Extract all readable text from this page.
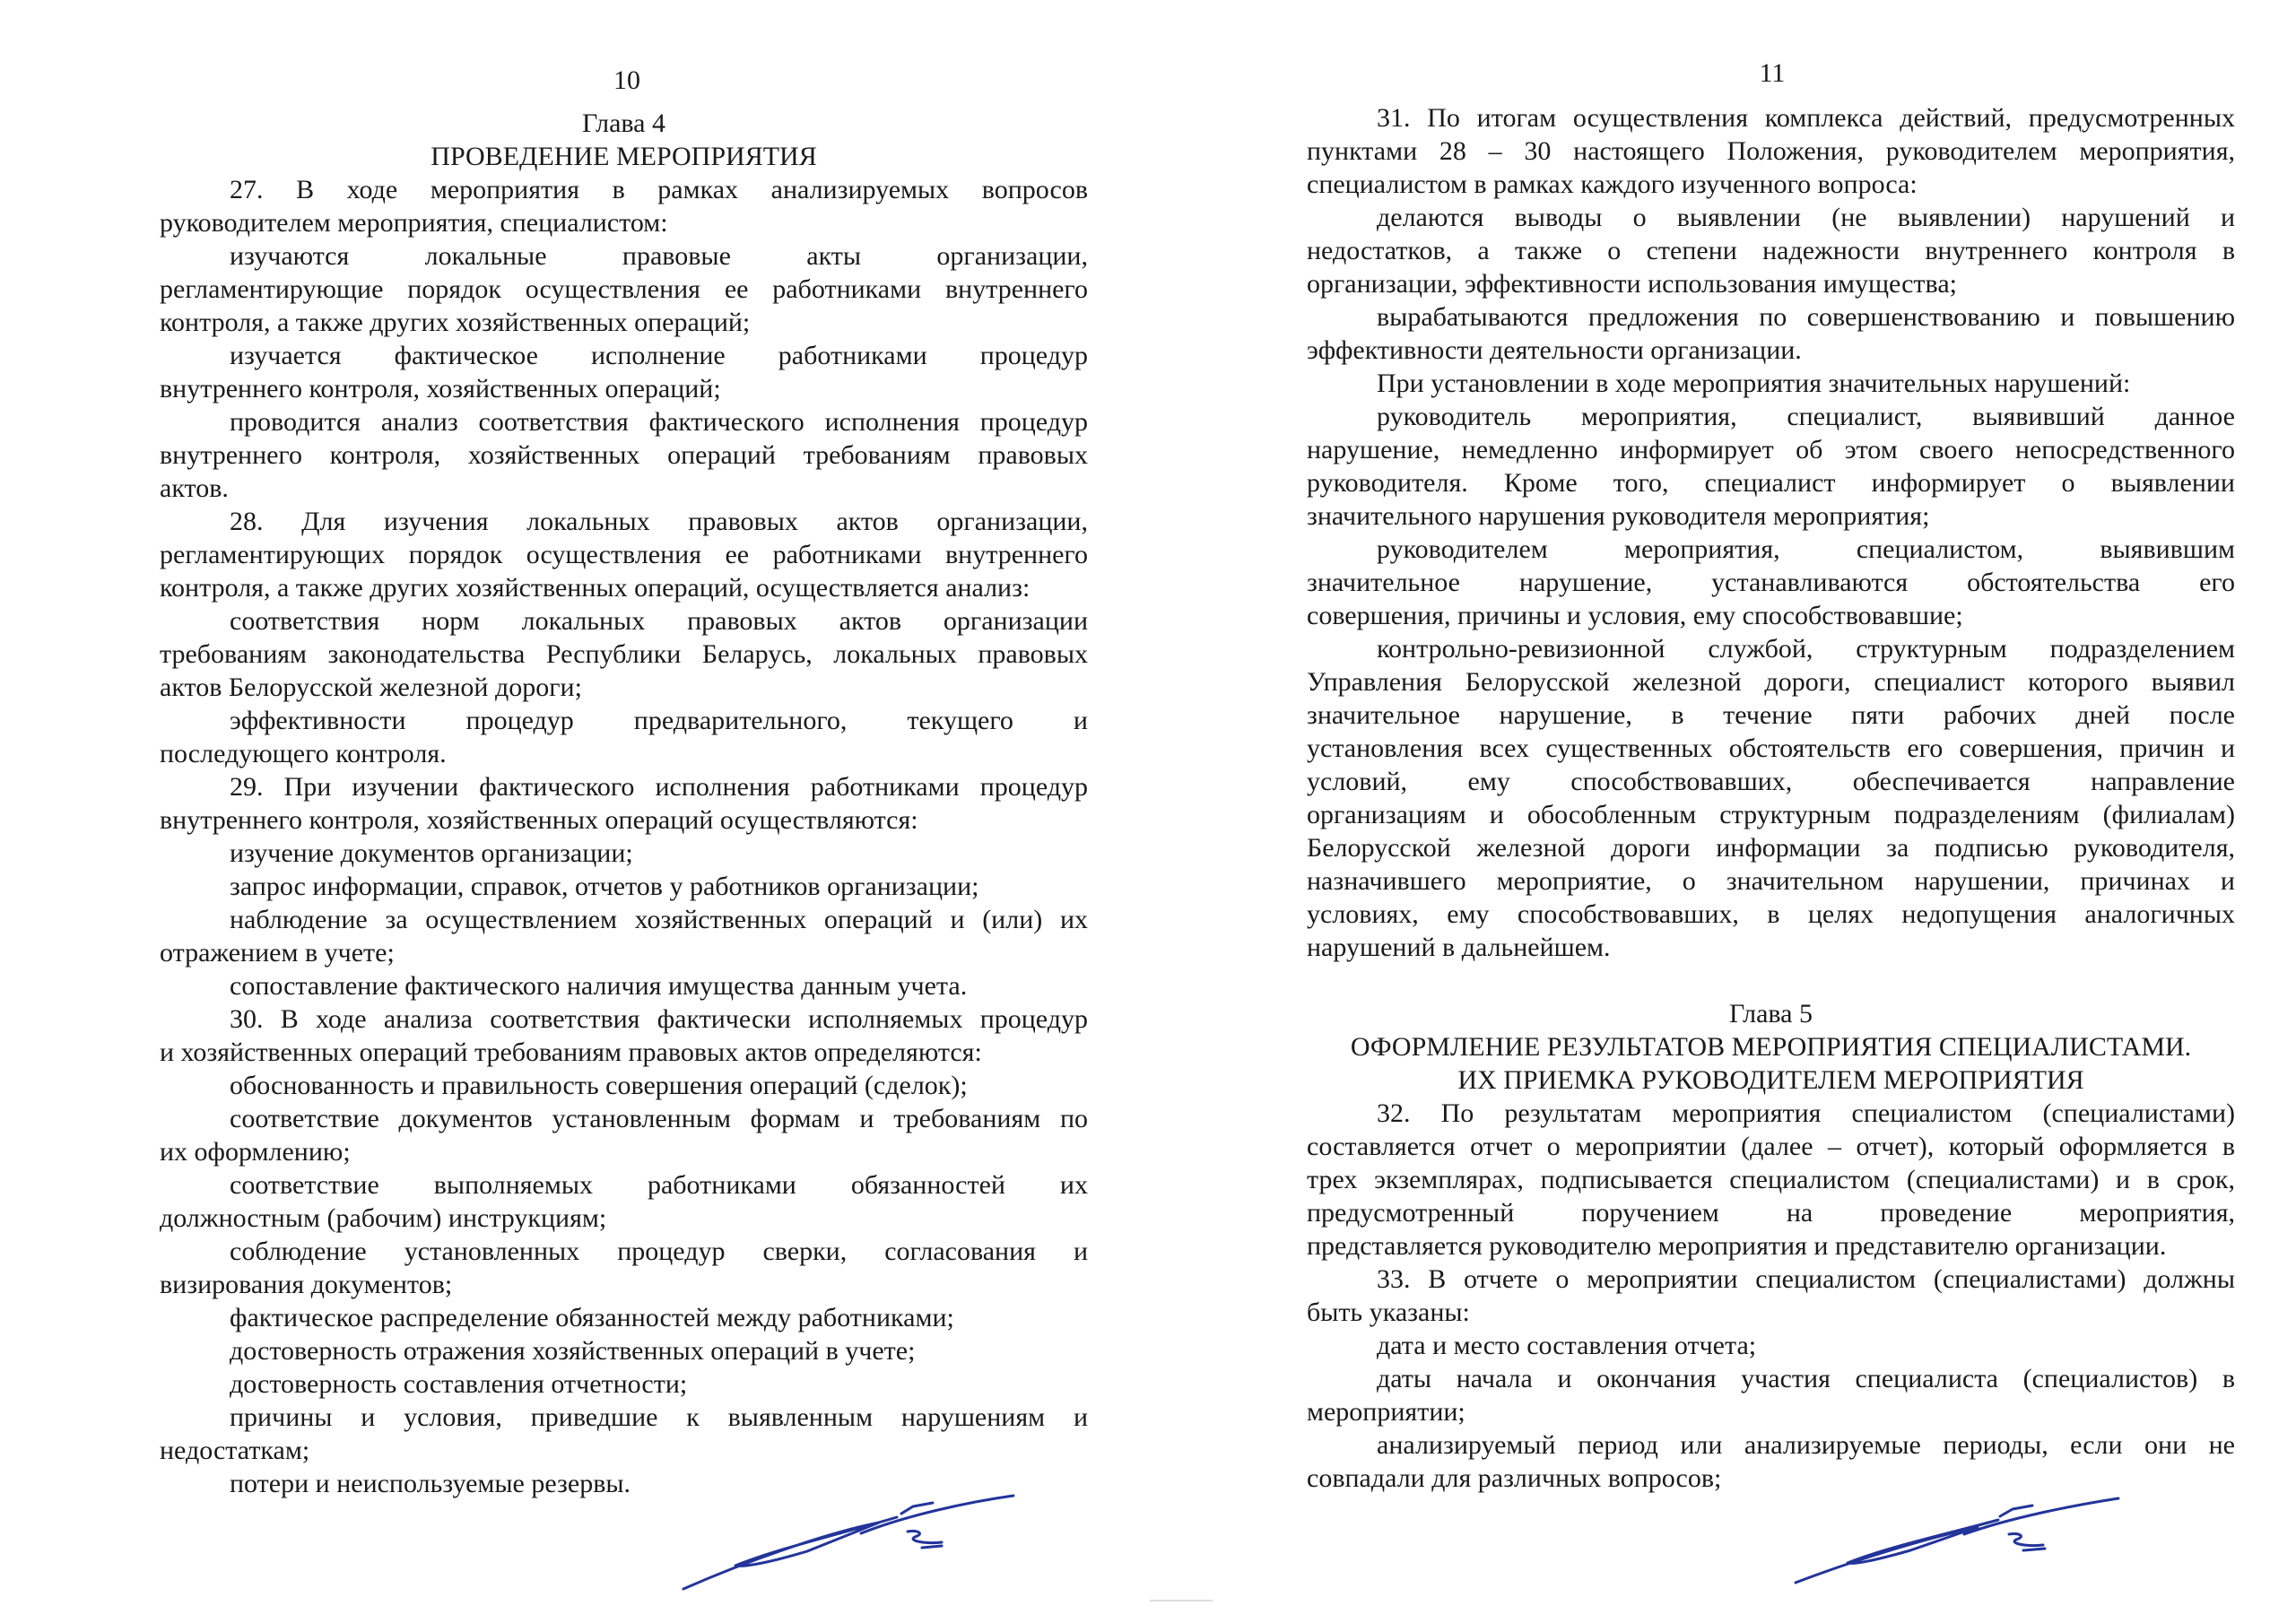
10
Глава 4
ПРОВЕДЕНИЕ МЕРОПРИЯТИЯ
27. В ходе мероприятия в рамках анализируемых вопросов
руководителем мероприятия, специалистом:
изучаются локальные правовые акты организации,
регламентирующие порядок осуществления ее работниками внутреннего
контроля, а также других хозяйственных операций;
изучается фактическое исполнение работниками процедур
внутреннего контроля, хозяйственных операций;
проводится анализ соответствия фактического исполнения процедур
внутреннего контроля, хозяйственных операций требованиям правовых
актов.
28. Для изучения локальных правовых актов организации,
регламентирующих порядок осуществления ее работниками внутреннего
контроля, а также других хозяйственных операций, осуществляется анализ:
соответствия норм локальных правовых актов организации
требованиям законодательства Республики Беларусь, локальных правовых
актов Белорусской железной дороги;
эффективности процедур предварительного, текущего и
последующего контроля.
29. При изучении фактического исполнения работниками процедур
внутреннего контроля, хозяйственных операций осуществляются:
изучение документов организации;
запрос информации, справок, отчетов у работников организации;
наблюдение за осуществлением хозяйственных операций и (или) их
отражением в учете;
сопоставление фактического наличия имущества данным учета.
30. В ходе анализа соответствия фактически исполняемых процедур
и хозяйственных операций требованиям правовых актов определяются:
обоснованность и правильность совершения операций (сделок);
соответствие документов установленным формам и требованиям по
их оформлению;
соответствие выполняемых работниками обязанностей их
должностным (рабочим) инструкциям;
соблюдение установленных процедур сверки, согласования и
визирования документов;
фактическое распределение обязанностей между работниками;
достоверность отражения хозяйственных операций в учете;
достоверность составления отчетности;
причины и условия, приведшие к выявленным нарушениям и
недостаткам;
потери и неиспользуемые резервы.
11
31. По итогам осуществления комплекса действий, предусмотренных
пунктами 28 – 30 настоящего Положения, руководителем мероприятия,
специалистом в рамках каждого изученного вопроса:
делаются выводы о выявлении (не выявлении) нарушений и
недостатков, а также о степени надежности внутреннего контроля в
организации, эффективности использования имущества;
вырабатываются предложения по совершенствованию и повышению
эффективности деятельности организации.
При установлении в ходе мероприятия значительных нарушений:
руководитель мероприятия, специалист, выявивший данное
нарушение, немедленно информирует об этом своего непосредственного
руководителя. Кроме того, специалист информирует о выявлении
значительного нарушения руководителя мероприятия;
руководителем мероприятия, специалистом, выявившим
значительное нарушение, устанавливаются обстоятельства его
совершения, причины и условия, ему способствовавшие;
контрольно-ревизионной службой, структурным подразделением
Управления Белорусской железной дороги, специалист которого выявил
значительное нарушение, в течение пяти рабочих дней после
установления всех существенных обстоятельств его совершения, причин и
условий, ему способствовавших, обеспечивается направление
организациям и обособленным структурным подразделениям (филиалам)
Белорусской железной дороги информации за подписью руководителя,
назначившего мероприятие, о значительном нарушении, причинах и
условиях, ему способствовавших, в целях недопущения аналогичных
нарушений в дальнейшем.
Глава 5
ОФОРМЛЕНИЕ РЕЗУЛЬТАТОВ МЕРОПРИЯТИЯ СПЕЦИАЛИСТАМИ.
ИХ ПРИЕМКА РУКОВОДИТЕЛЕМ МЕРОПРИЯТИЯ
32. По результатам мероприятия специалистом (специалистами)
составляется отчет о мероприятии (далее – отчет), который оформляется в
трех экземплярах, подписывается специалистом (специалистами) и в срок,
предусмотренный поручением на проведение мероприятия,
представляется руководителю мероприятия и представителю организации.
33. В отчете о мероприятии специалистом (специалистами) должны
быть указаны:
дата и место составления отчета;
даты начала и окончания участия специалиста (специалистов) в
мероприятии;
анализируемый период или анализируемые периоды, если они не
совпадали для различных вопросов;
